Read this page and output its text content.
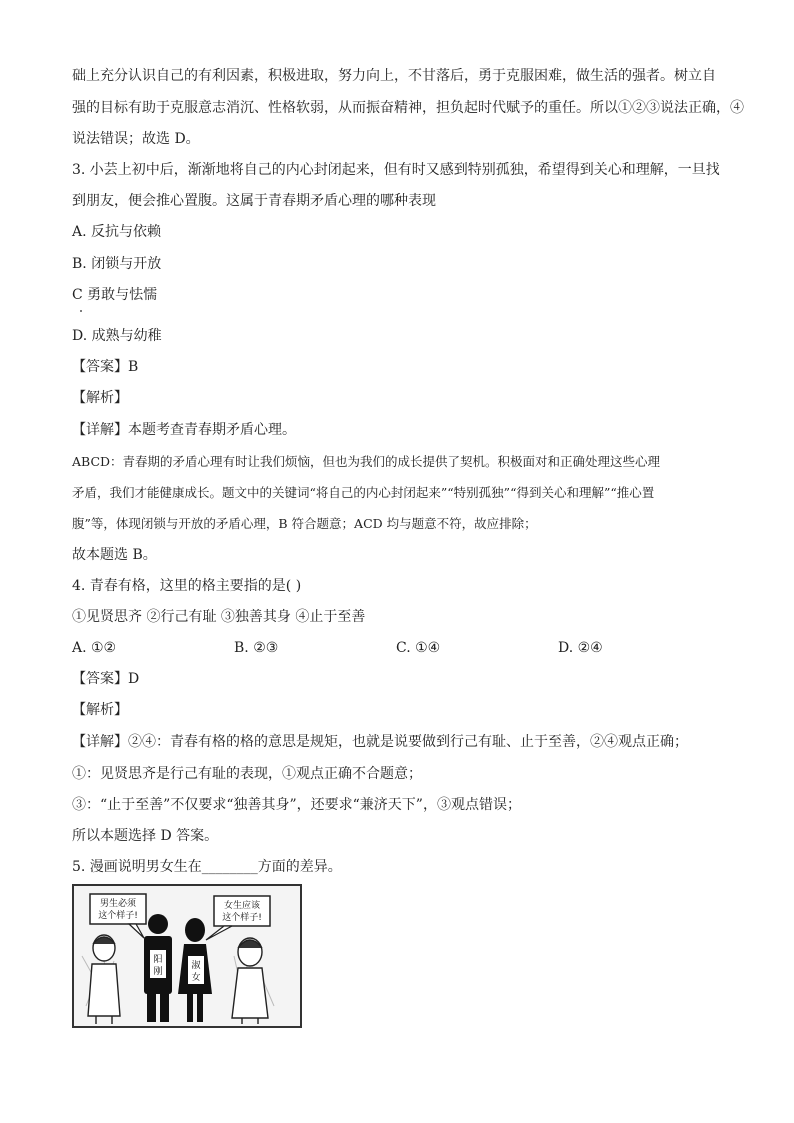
础上充分认识自己的有利因素，积极进取，努力向上，不甘落后，勇于克服困难，做生活的强者。树立自
强的目标有助于克服意志消沉、性格软弱，从而振奋精神，担负起时代赋予的重任。所以①②③说法正确，④
说法错误；故选 D。
3. 小芸上初中后，渐渐地将自己的内心封闭起来，但有时又感到特别孤独，希望得到关心和理解，一旦找
到朋友，便会推心置腹。这属于青春期矛盾心理的哪种表现
A. 反抗与依赖
B. 闭锁与开放
C 勇敢与怯懦
D. 成熟与幼稚
【答案】B
【解析】
【详解】本题考查青春期矛盾心理。
ABCD：青春期的矛盾心理有时让我们烦恼，但也为我们的成长提供了契机。积极面对和正确处理这些心理
矛盾，我们才能健康成长。题文中的关键词“将自己的内心封闭起来”“特别孤独”“得到关心和理解”“推心置
腹”等，体现闭锁与开放的矛盾心理，B 符合题意；ACD 均与题意不符，故应排除；
故本题选 B。
4. 青春有格，这里的格主要指的是( )
①见贤思齐 ②行己有耻 ③独善其身 ④止于至善
A. ①②	B. ②③	C. ①④	D. ②④
【答案】D
【解析】
【详解】②④：青春有格的格的意思是规矩，也就是说要做到行己有耻、止于至善，②④观点正确；
①：见贤思齐是行己有耻的表现，①观点正确不合题意；
③：“止于至善”不仅要求“独善其身”，还要求“兼济天下”，③观点错误；
所以本题选择 D 答案。
5. 漫画说明男女生在________方面的差异。
男生必须
这个样子!
女生应该
这个样子!
阳
刚
淑
女
